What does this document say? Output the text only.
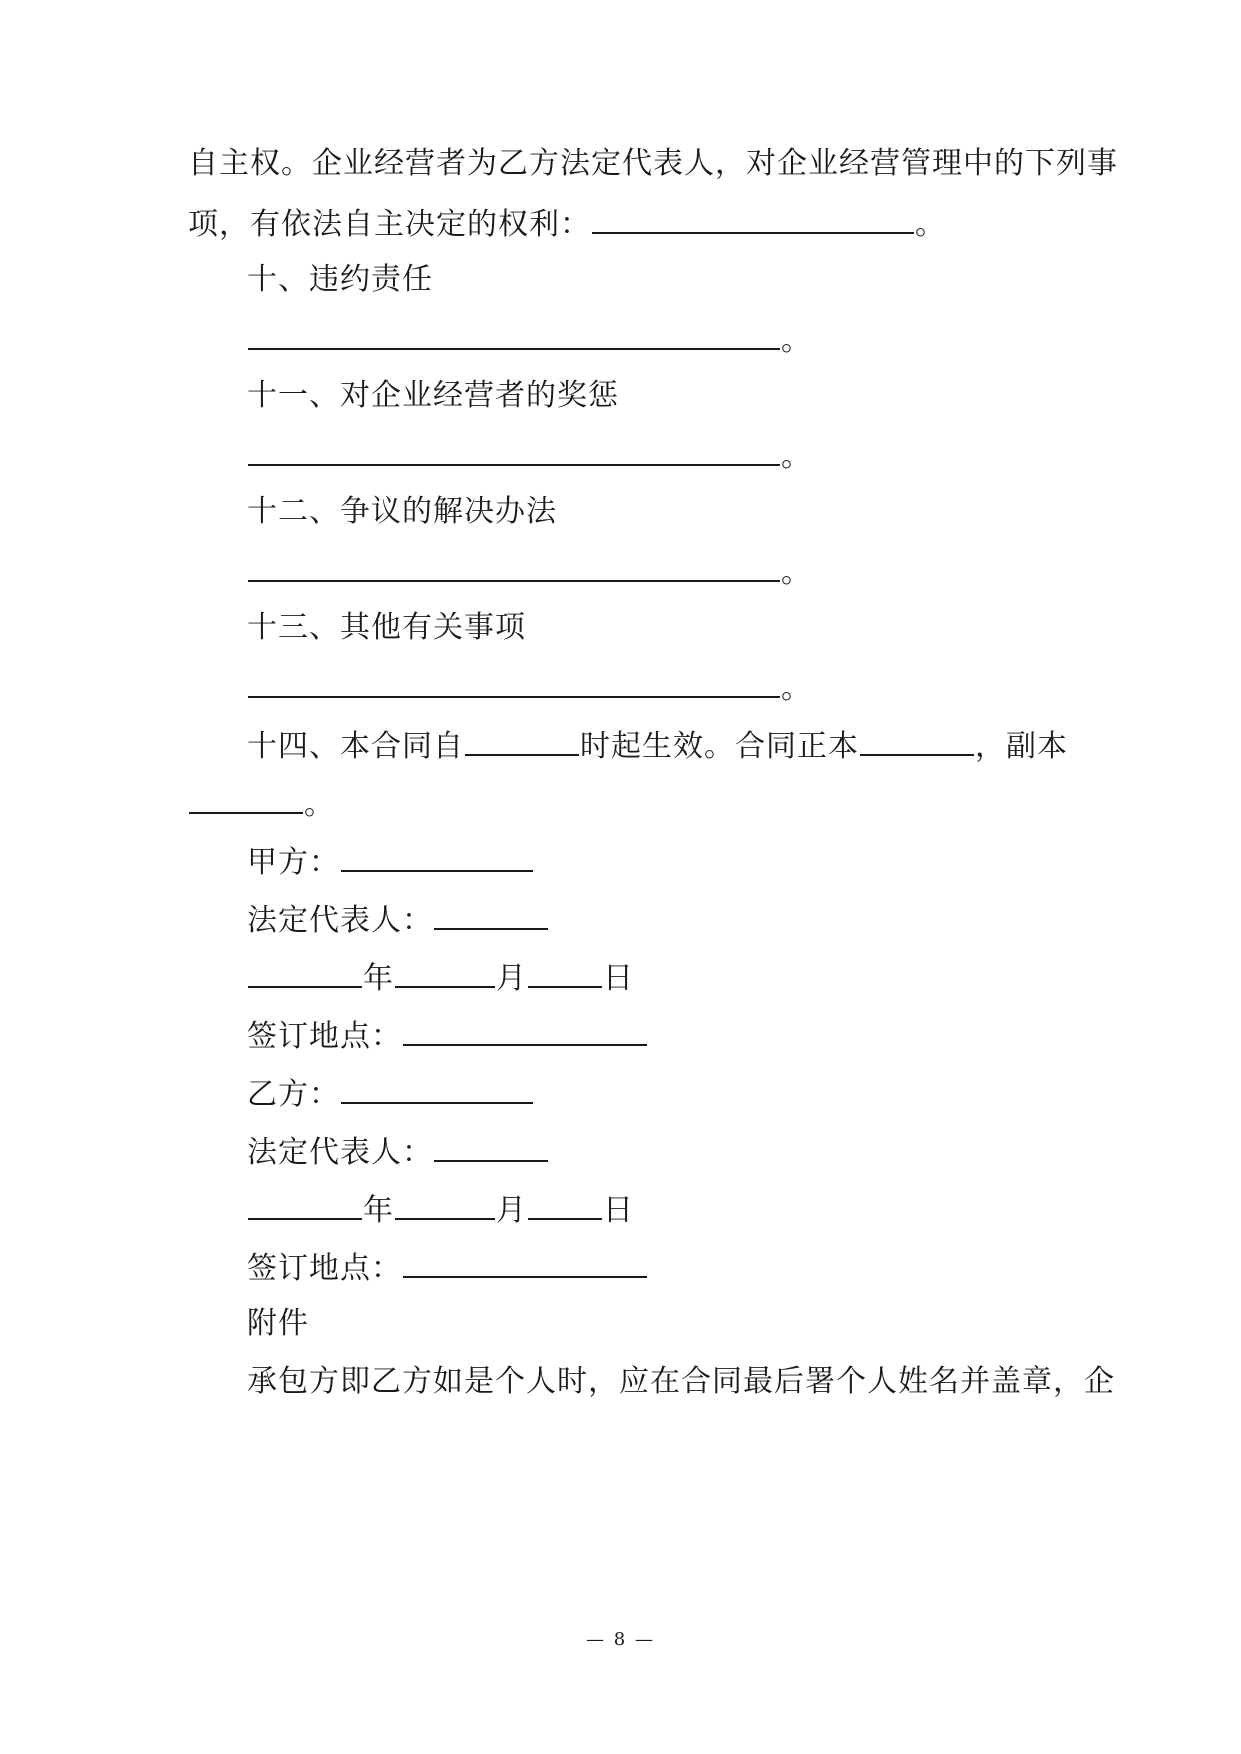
自主权。企业经营者为乙方法定代表人，对企业经营管理中的下列事
项，有依法自主决定的权利：	。
十、违约责任
。
十一、对企业经营者的奖惩
。
十二、争议的解决办法
。
十三、其他有关事项
。
十四、本合同自	时起生效。合同正本	，副本
。
甲方：
法定代表人：
年	月	日
签订地点：
乙方：
法定代表人：
年	月	日
签订地点：
附件
承包方即乙方如是个人时，应在合同最后署个人姓名并盖章，企
— 8 —
